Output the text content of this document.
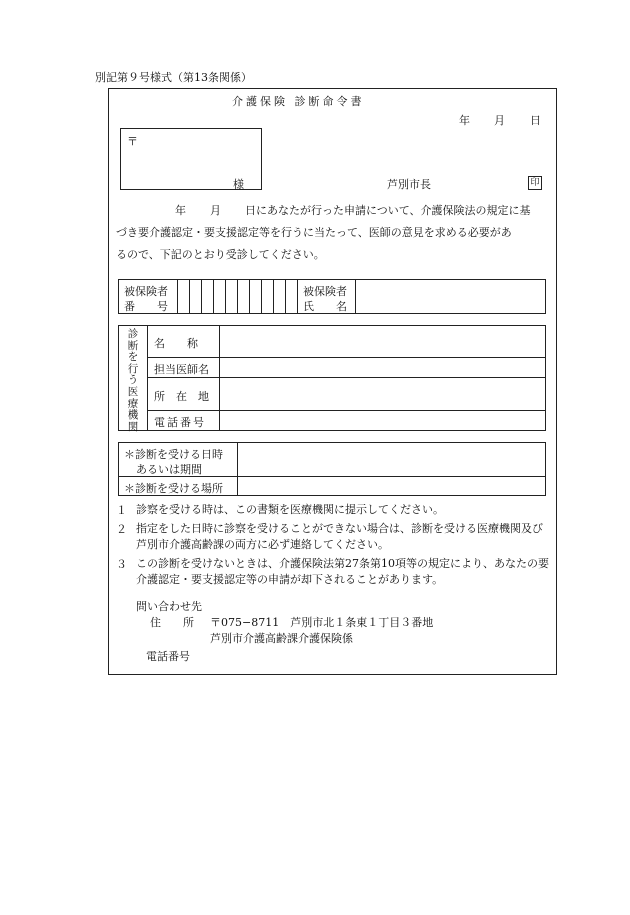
別記第９号様式（第13条関係）
介護保険 診断命令書
年 月 日
〒
様	芦別市長	印
年 月 日にあなたが行った申請について、介護保険法の規定に基
づき要介護認定・要支援認定等を行うに当たって、医師の意見を求める必要があ
るので、下記のとおり受診してください。
被保険者
番　　号
被保険者
氏　　名
診断を行う医療機関
名　　称
担当医師名
所　在　地
電話番号
＊診断を受ける日時
あるいは期間
＊診断を受ける場所
１ 診察を受ける時は、この書類を医療機関に提示してください。
２ 指定をした日時に診察を受けることができない場合は、診断を受ける医療機関及び芦別市介護高齢課の両方に必ず連絡してください。
３ この診断を受けないときは、介護保険法第27条第10項等の規定により、あなたの要介護認定・要支援認定等の申請が却下されることがあります。
問い合わせ先
住　　所 〒075−8711　芦別市北１条東１丁目３番地
芦別市介護高齢課介護保険係
電話番号
